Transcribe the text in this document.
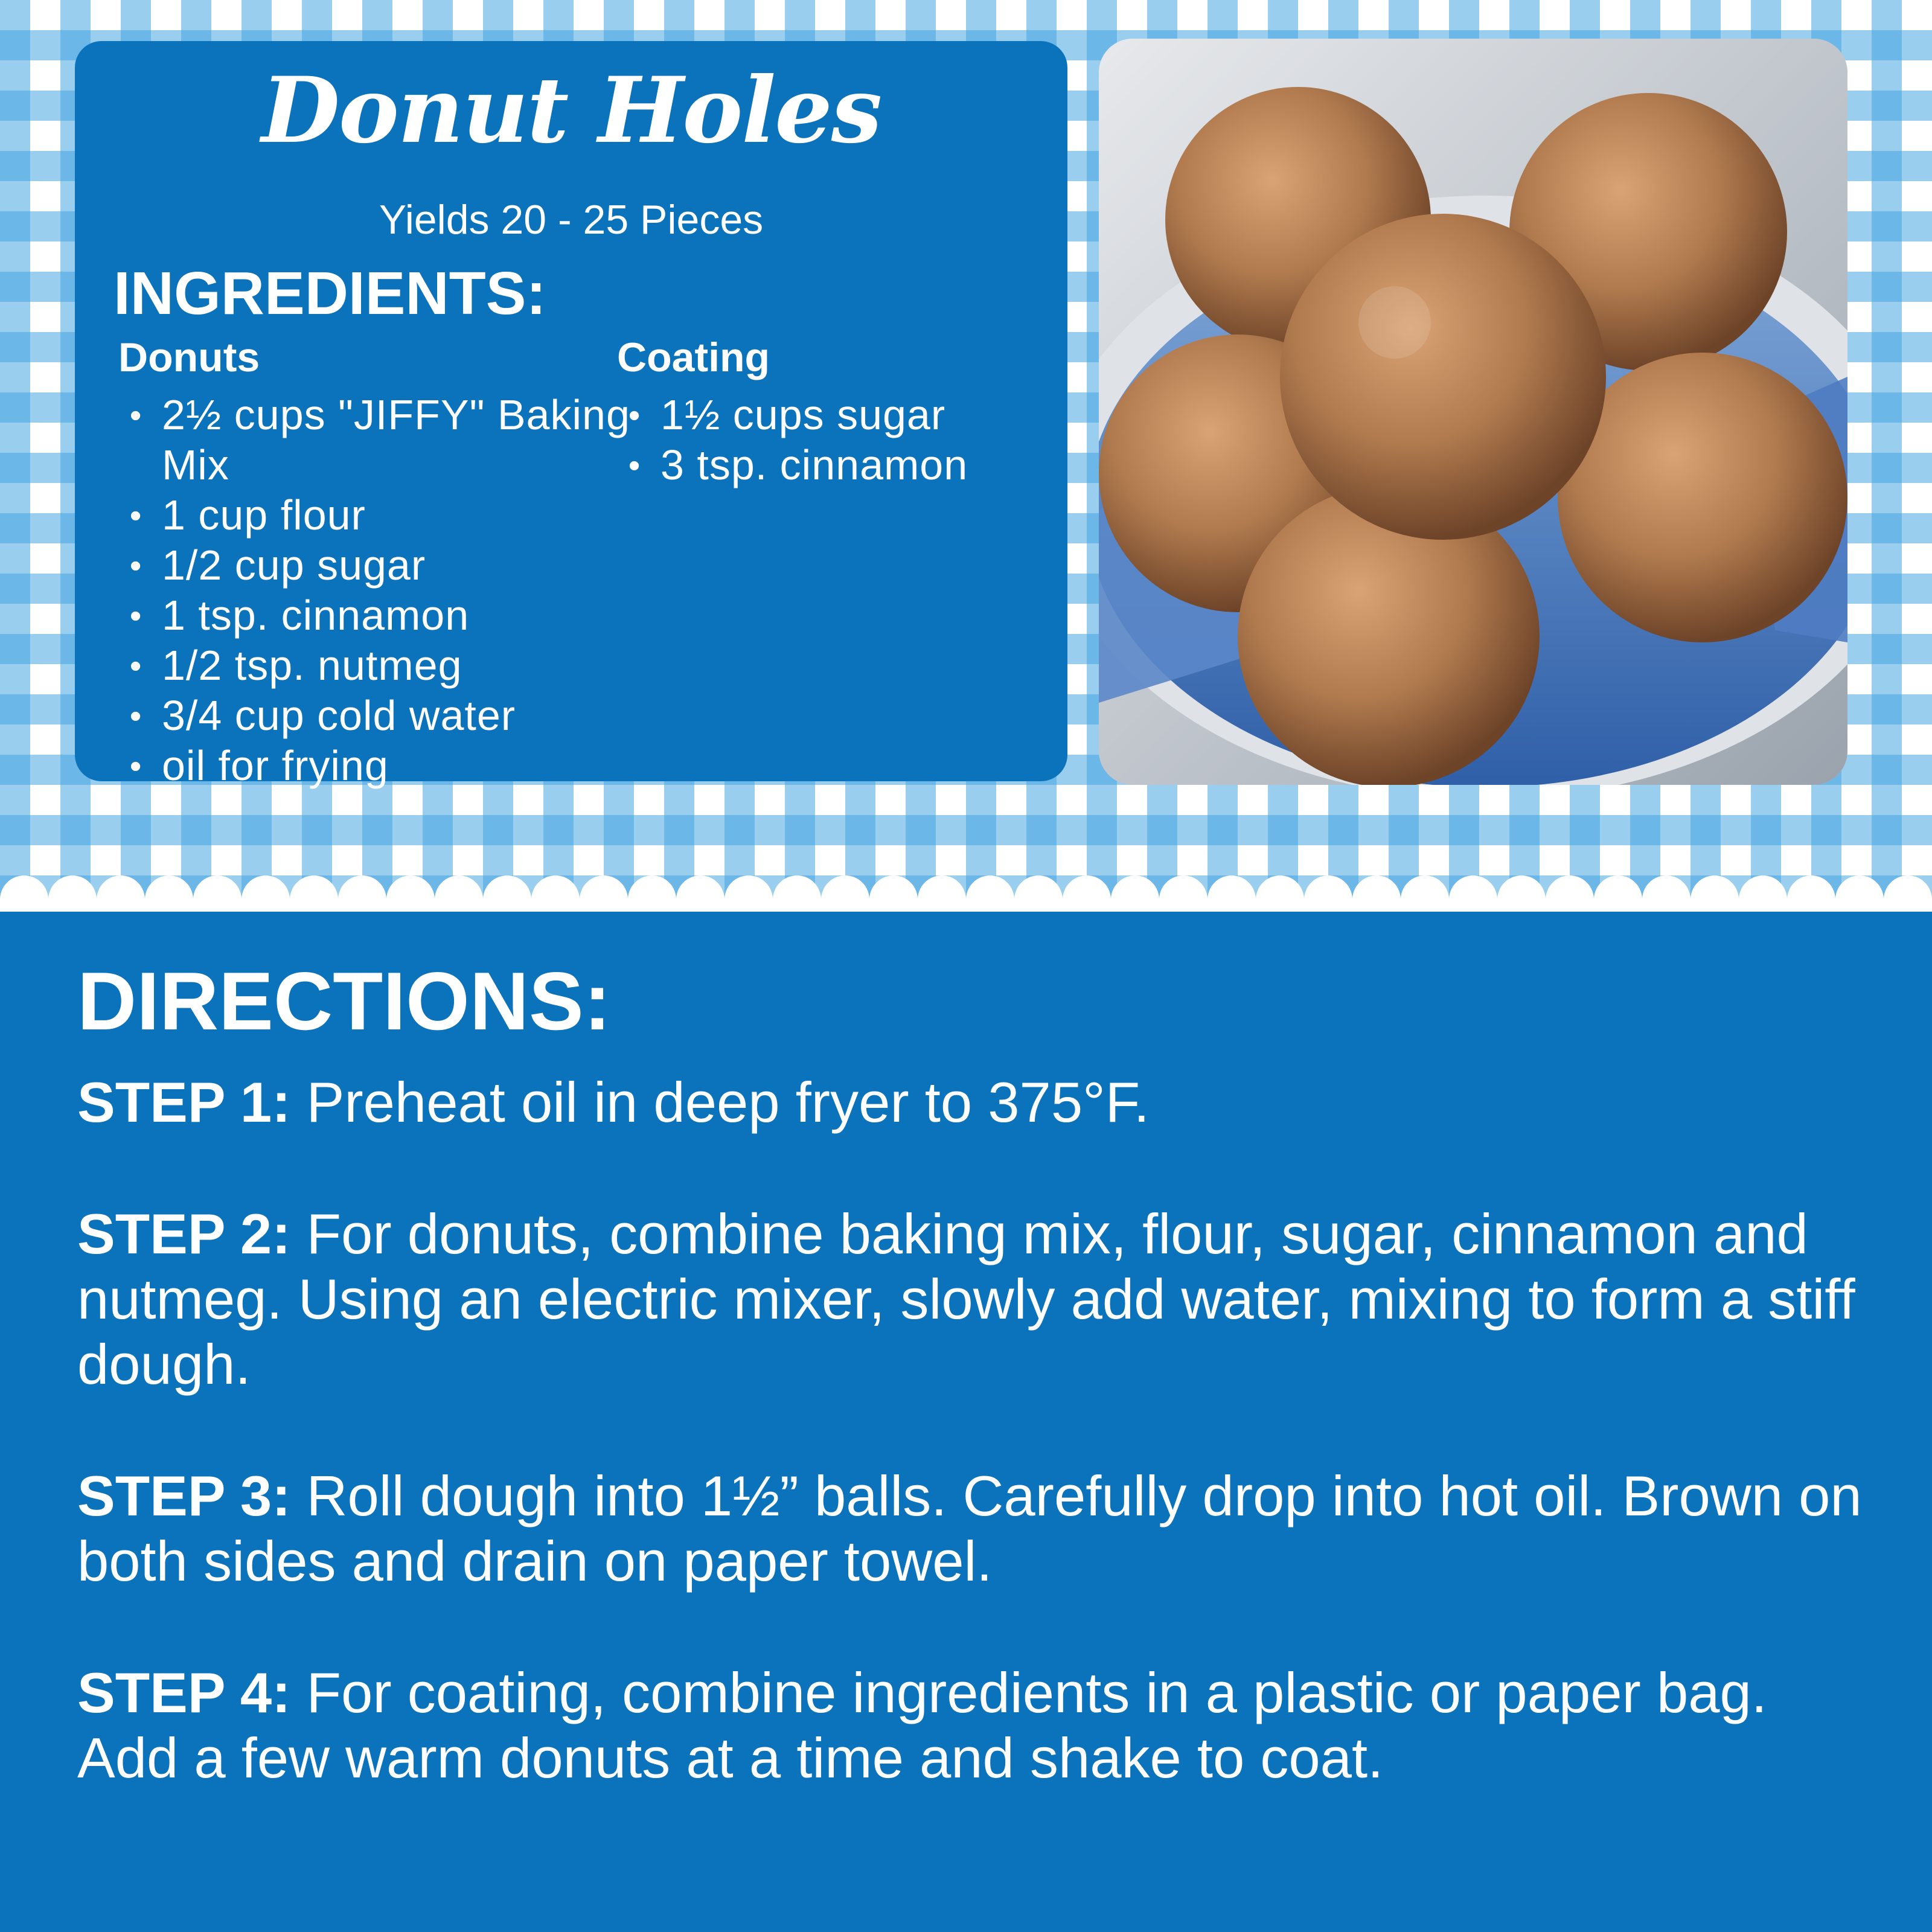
Donut Holes
Yields 20 - 25 Pieces
INGREDIENTS:
Donuts
• 2½ cups "JIFFY" Baking Mix
• 1 cup flour
• 1/2 cup sugar
• 1 tsp. cinnamon
• 1/2 tsp. nutmeg
• 3/4 cup cold water
• oil for frying
Coating
• 1½ cups sugar
• 3 tsp. cinnamon
DIRECTIONS:

STEP 1: Preheat oil in deep fryer to 375°F.

STEP 2: For donuts, combine baking mix, flour, sugar, cinnamon and nutmeg. Using an electric mixer, slowly add water, mixing to form a stiff dough.

STEP 3: Roll dough into 1½” balls. Carefully drop into hot oil. Brown on both sides and drain on paper towel.

STEP 4: For coating, combine ingredients in a plastic or paper bag. Add a few warm donuts at a time and shake to coat.
